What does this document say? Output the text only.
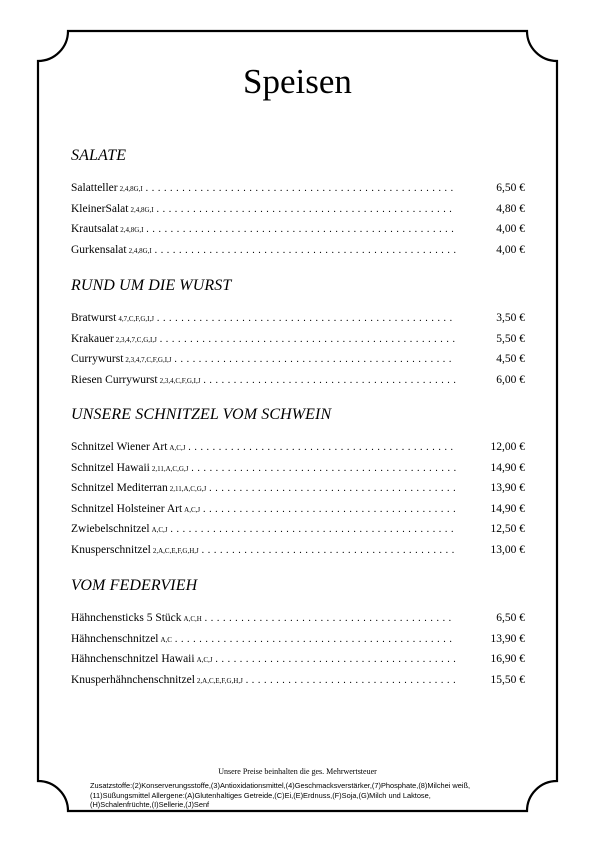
Speisen
SALATE
Salatteller 2,4,8G,I ...................................................	6,50 €
KleinerSalat 2,4,8G,I .................................................	4,80 €
Krautsalat 2,4,8G,I ...................................................	4,00 €
Gurkensalat 2,4,8G,I ..................................................	4,00 €
RUND UM DIE WURST
Bratwurst 4,7,C,F,G,I,J .................................................	3,50 €
Krakauer 2,3,4,7,C,G,I,J .................................................	5,50 €
Currywurst 2,3,4,7,C,F,G,I,J ..............................................	4,50 €
Riesen Currywurst 2,3,4,C,F,G,I,J ..........................................	6,00 €
UNSERE SCHNITZEL VOM SCHWEIN
Schnitzel Wiener Art A,C,J ............................................	12,00 €
Schnitzel Hawaii 2,11,A,C,G,J ............................................	14,90 €
Schnitzel Mediterran 2,11,A,C,G,J .........................................	13,90 €
Schnitzel Holsteiner Art A,C,J ..........................................	14,90 €
Zwiebelschnitzel A,C,J ...............................................	12,50 €
Knusperschnitzel 2,A,C,E,F,G,H,J ..........................................	13,00 €
VOM FEDERVIEH
Hähnchensticks 5 Stück A,C,H .........................................	6,50 €
Hähnchenschnitzel A,C ..............................................	13,90 €
Hähnchenschnitzel Hawaii A,C,J ........................................	16,90 €
Knusperhähnchenschnitzel 2,A,C,E,F,G,H,J ...................................	15,50 €
Unsere Preise beinhalten die ges. Mehrwertsteuer
Zusatzstoffe:(2)Konserverungsstoffe,(3)Antioxidationsmittel,(4)Geschmacksverstärker,(7)Phosphate,(8)Milchei weiß,(11)Süßungsmittel Allergene:(A)Glutenhaltiges Getreide,(C)Ei,(E)Erdnuss,(F)Soja,(G)Milch und Laktose,(H)Schalenfrüchte,(I)Sellerie,(J)Senf
